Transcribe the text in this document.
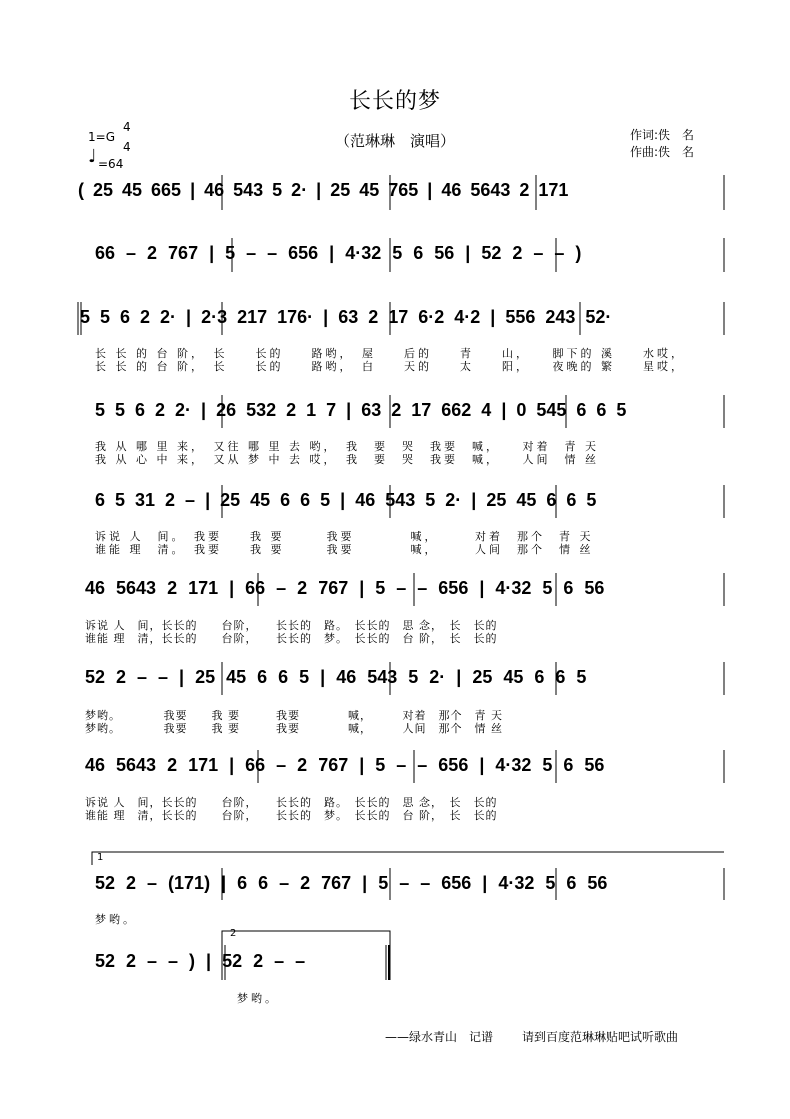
长长的梦
（范琳琳　演唱）	作词:佚　名
作曲:佚　名
1=G
4
4
♩ =64
( 25 45 665 | 46 543 5 2· | 25 45 765 | 46 5643 2 171
66 – 2 767 | 5 – – 656 | 4·32 5 6 56 | 52 2 – – )
5 5 6 2 2· | 2·3 217 176· | 63 2 17 6·2 4·2 | 556 243 52·
长 长 的 台 阶，　长　　长的　　路哟，　屋　　后的　　青　　山，　　脚下的 溪　　水哎，
长 长 的 台 阶，　长　　长的　　路哟，　白　　天的　　太　　阳，　　夜晚的 繁　　星哎，
5 5 6 2 2· | 26 532 2 1 7 | 63 2 17 662 4 | 0 545 6 6 5
我 从 哪 里 来，　又往 哪 里 去 哟，　我　要　哭　我要　喊，　　对着　青 天
我 从 心 中 来，　又从 梦 中 去 哎，　我　要　哭　我要　喊，　　人间　情 丝
6 5 31 2 – | 25 45 6 6 5 | 46 543 5 2· | 25 45 6 6 5
诉说 人　间。　我要　　我 要　　　我要　　　　喊，　　　对着　那个　青 天
谁能 理　清。　我要　　我 要　　　我要　　　　喊，　　　人间　那个　情 丝
46 5643 2 171 | 66 – 2 767 | 5 – – 656 | 4·32 5 6 56
诉说 人　间，长长的　　台阶，　　长长的　路。　长长的　思 念，　长　长的
谁能 理　清，长长的　　台阶，　　长长的　梦。　长长的　台 阶，　长　长的
52 2 – – | 25 45 6 6 5 | 46 543 5 2· | 25 45 6 6 5
梦哟。　　　　我要　　我 要　　　我要　　　　喊，　　　对着　那个　青 天
梦哟。　　　　我要　　我 要　　　我要　　　　喊，　　　人间　那个　情 丝
46 5643 2 171 | 66 – 2 767 | 5 – – 656 | 4·32 5 6 56
诉说 人　间，长长的　　台阶，　　长长的　路。　长长的　思 念，　长　长的
谁能 理　清，长长的　　台阶，　　长长的　梦。　长长的　台 阶，　长　长的
1
52 2 – (171) | 6 6 – 2 767 | 5 – – 656 | 4·32 5 6 56
梦哟。
2
52 2 – – ) | 52 2 – –
梦哟。
——绿水青山　记谱 请到百度范琳琳贴吧试听歌曲
